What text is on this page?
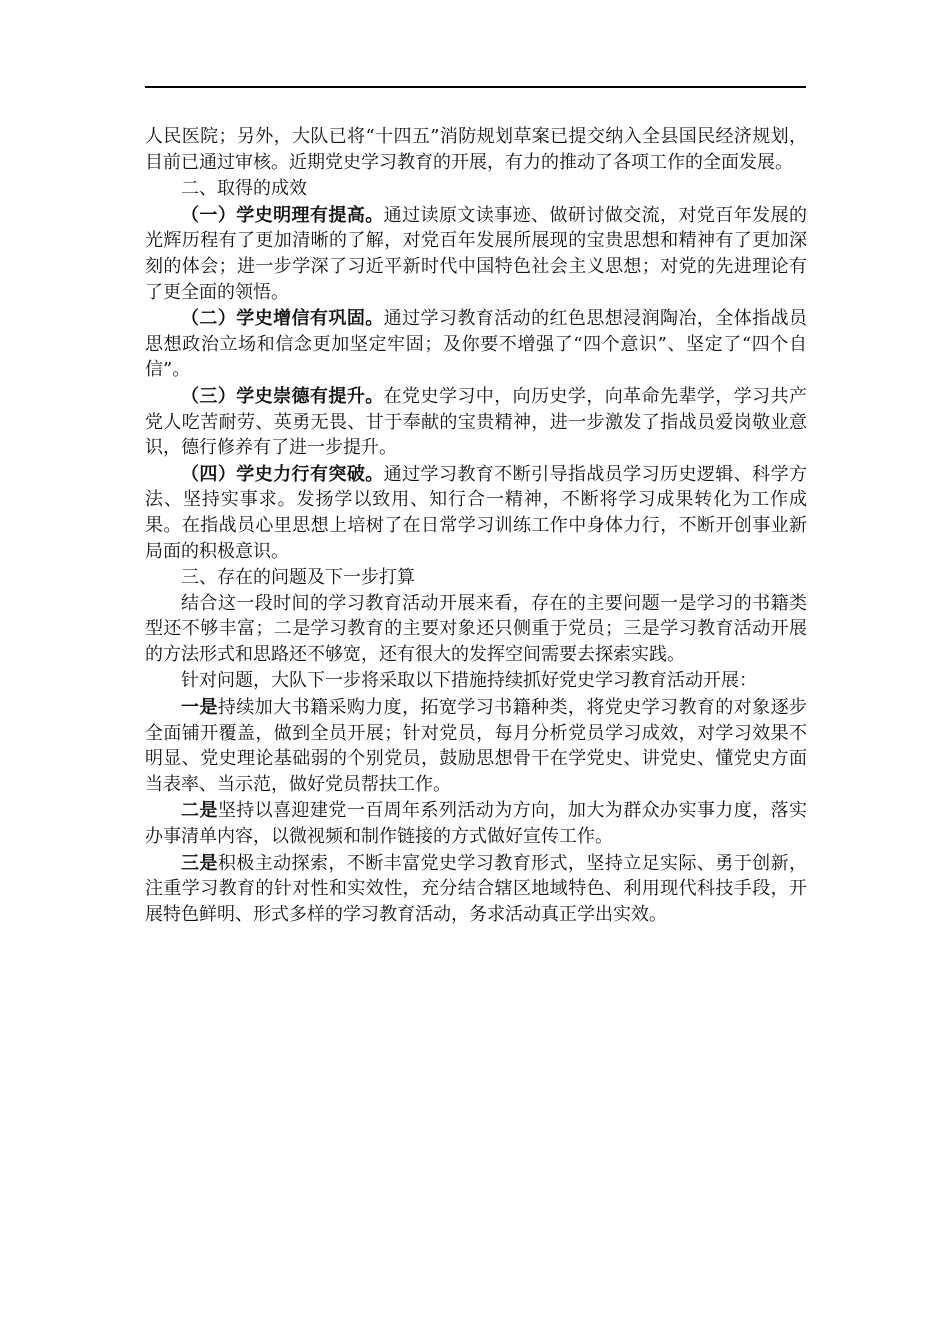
人民医院；另外，大队已将“十四五”消防规划草案已提交纳入全县国民经济规划，目前已通过审核。近期党史学习教育的开展，有力的推动了各项工作的全面发展。

二、取得的成效

（一）学史明理有提高。通过读原文读事迹、做研讨做交流，对党百年发展的光辉历程有了更加清晰的了解，对党百年发展所展现的宝贵思想和精神有了更加深刻的体会；进一步学深了习近平新时代中国特色社会主义思想；对党的先进理论有了更全面的领悟。

（二）学史增信有巩固。通过学习教育活动的红色思想浸润陶冶，全体指战员思想政治立场和信念更加坚定牢固；及你要不增强了“四个意识”、坚定了“四个自信”。

（三）学史崇德有提升。在党史学习中，向历史学，向革命先辈学，学习共产党人吃苦耐劳、英勇无畏、甘于奉献的宝贵精神，进一步激发了指战员爱岗敬业意识，德行修养有了进一步提升。

（四）学史力行有突破。通过学习教育不断引导指战员学习历史逻辑、科学方法、坚持实事求。发扬学以致用、知行合一精神，不断将学习成果转化为工作成果。在指战员心里思想上培树了在日常学习训练工作中身体力行，不断开创事业新局面的积极意识。

三、存在的问题及下一步打算

结合这一段时间的学习教育活动开展来看，存在的主要问题一是学习的书籍类型还不够丰富；二是学习教育的主要对象还只侧重于党员；三是学习教育活动开展的方法形式和思路还不够宽，还有很大的发挥空间需要去探索实践。

针对问题，大队下一步将采取以下措施持续抓好党史学习教育活动开展：

一是持续加大书籍采购力度，拓宽学习书籍种类，将党史学习教育的对象逐步全面铺开覆盖，做到全员开展；针对党员，每月分析党员学习成效，对学习效果不明显、党史理论基础弱的个别党员，鼓励思想骨干在学党史、讲党史、懂党史方面当表率、当示范，做好党员帮扶工作。

二是坚持以喜迎建党一百周年系列活动为方向，加大为群众办实事力度，落实办事清单内容，以微视频和制作链接的方式做好宣传工作。

三是积极主动探索，不断丰富党史学习教育形式，坚持立足实际、勇于创新，注重学习教育的针对性和实效性，充分结合辖区地域特色、利用现代科技手段，开展特色鲜明、形式多样的学习教育活动，务求活动真正学出实效。
